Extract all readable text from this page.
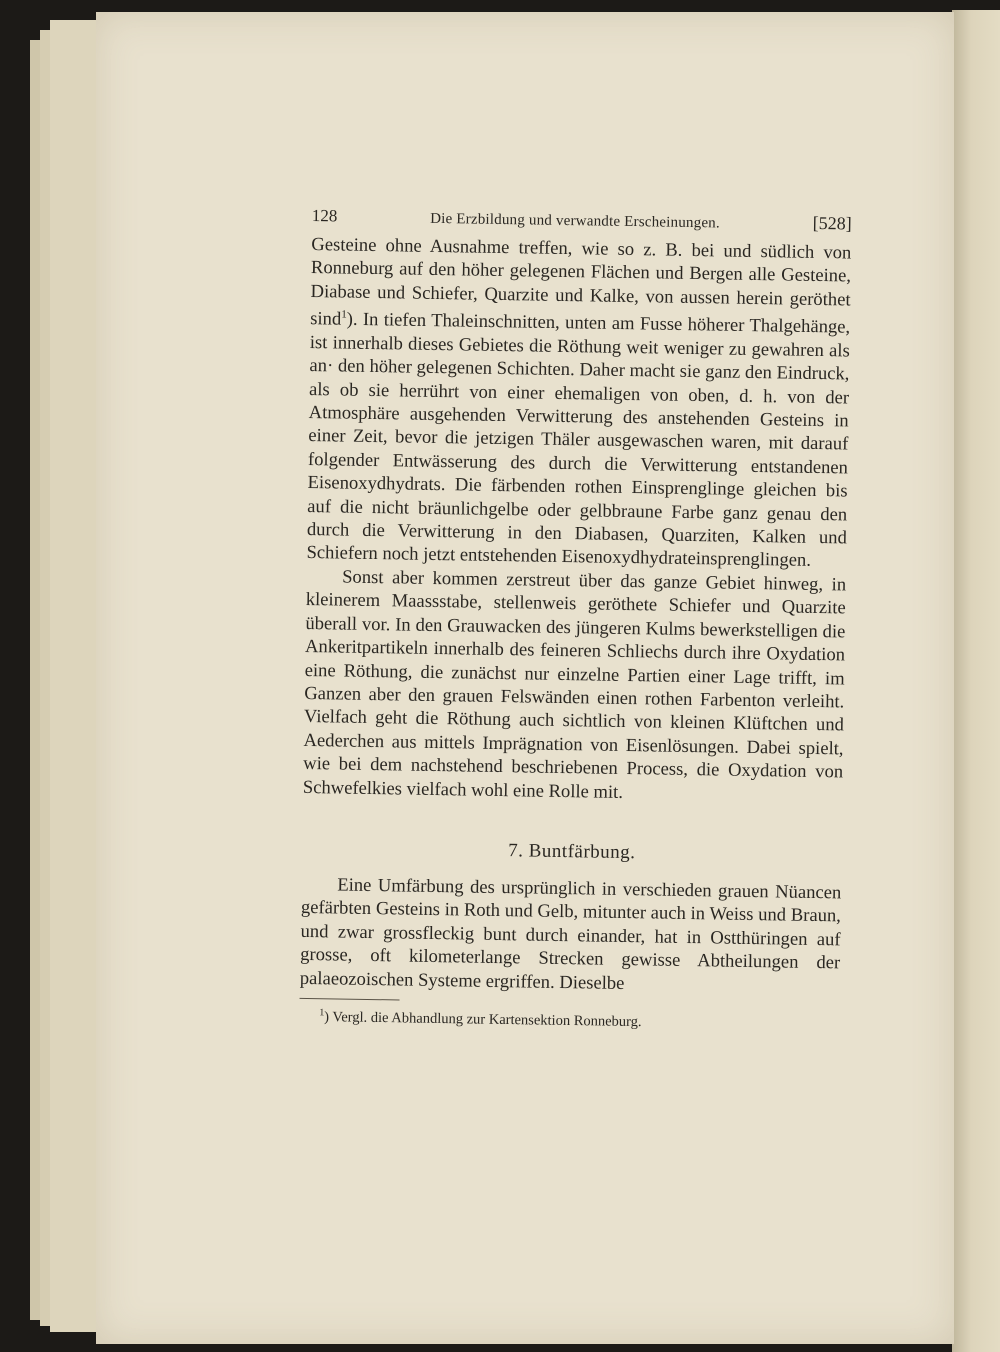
128	Die Erzbildung und verwandte Erscheinungen.	[528]

Gesteine ohne Ausnahme treffen, wie so z. B. bei und südlich von Ronneburg auf den höher gelegenen Flächen und Bergen alle Gesteine, Diabase und Schiefer, Quarzite und Kalke, von aussen herein geröthet sind$^1$). In tiefen Thaleinschnitten, unten am Fusse höherer Thalgehänge, ist innerhalb dieses Gebietes die Röthung weit weniger zu gewahren als an· den höher gelegenen Schichten. Daher macht sie ganz den Eindruck, als ob sie herrührt von einer ehemaligen von oben, d. h. von der Atmosphäre ausgehenden Verwitterung des anstehenden Gesteins in einer Zeit, bevor die jetzigen Thäler ausgewaschen waren, mit darauf folgender Entwässerung des durch die Verwitterung entstandenen Eisenoxydhydrats. Die färbenden rothen Einsprenglinge gleichen bis auf die nicht bräunlichgelbe oder gelbbraune Farbe ganz genau den durch die Verwitterung in den Diabasen, Quarziten, Kalken und Schiefern noch jetzt entstehenden Eisenoxydhydrateinsprenglingen.

Sonst aber kommen zerstreut über das ganze Gebiet hinweg, in kleinerem Maassstabe, stellenweis geröthete Schiefer und Quarzite überall vor. In den Grauwacken des jüngeren Kulms bewerkstelligen die Ankeritpartikeln innerhalb des feineren Schliechs durch ihre Oxydation eine Röthung, die zunächst nur einzelne Partien einer Lage trifft, im Ganzen aber den grauen Felswänden einen rothen Farbenton verleiht. Vielfach geht die Röthung auch sichtlich von kleinen Klüftchen und Aederchen aus mittels Imprägnation von Eisenlösungen. Dabei spielt, wie bei dem nachstehend beschriebenen Process, die Oxydation von Schwefelkies vielfach wohl eine Rolle mit.

7. Buntfärbung.

Eine Umfärbung des ursprünglich in verschieden grauen Nüancen gefärbten Gesteins in Roth und Gelb, mitunter auch in Weiss und Braun, und zwar grossfleckig bunt durch einander, hat in Ostthüringen auf grosse, oft kilometerlange Strecken gewisse Abtheilungen der palaeozoischen Systeme ergriffen. Dieselbe

$^1$) Vergl. die Abhandlung zur Kartensektion Ronneburg.
